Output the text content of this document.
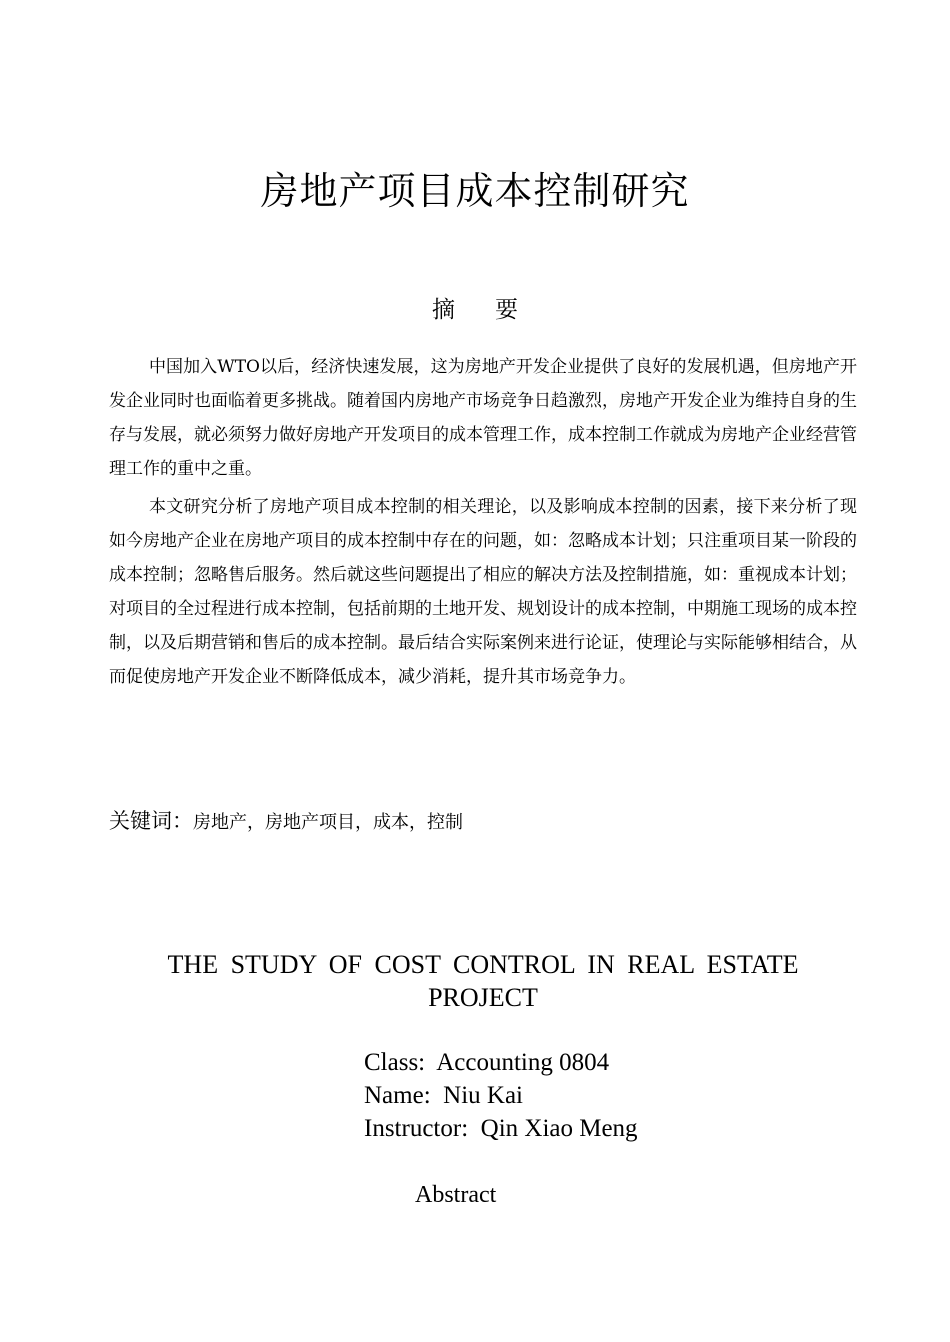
房地产项目成本控制研究
摘 要

中国加入WTO以后，经济快速发展，这为房地产开发企业提供了良好的发展机遇，但房地产开发企业同时也面临着更多挑战。随着国内房地产市场竞争日趋激烈，房地产开发企业为维持自身的生存与发展，就必须努力做好房地产开发项目的成本管理工作，成本控制工作就成为房地产企业经营管理工作的重中之重。

本文研究分析了房地产项目成本控制的相关理论，以及影响成本控制的因素，接下来分析了现如今房地产企业在房地产项目的成本控制中存在的问题，如：忽略成本计划；只注重项目某一阶段的成本控制；忽略售后服务。然后就这些问题提出了相应的解决方法及控制措施，如：重视成本计划；对项目的全过程进行成本控制，包括前期的土地开发、规划设计的成本控制，中期施工现场的成本控制，以及后期营销和售后的成本控制。最后结合实际案例来进行论证，使理论与实际能够相结合，从而促使房地产开发企业不断降低成本，减少消耗，提升其市场竞争力。

关键词：房地产，房地产项目，成本，控制
THE STUDY OF COST CONTROL IN REAL ESTATE PROJECT
Class:  Accounting 0804
Name:  Niu Kai
Instructor:  Qin Xiao Meng
Abstract
